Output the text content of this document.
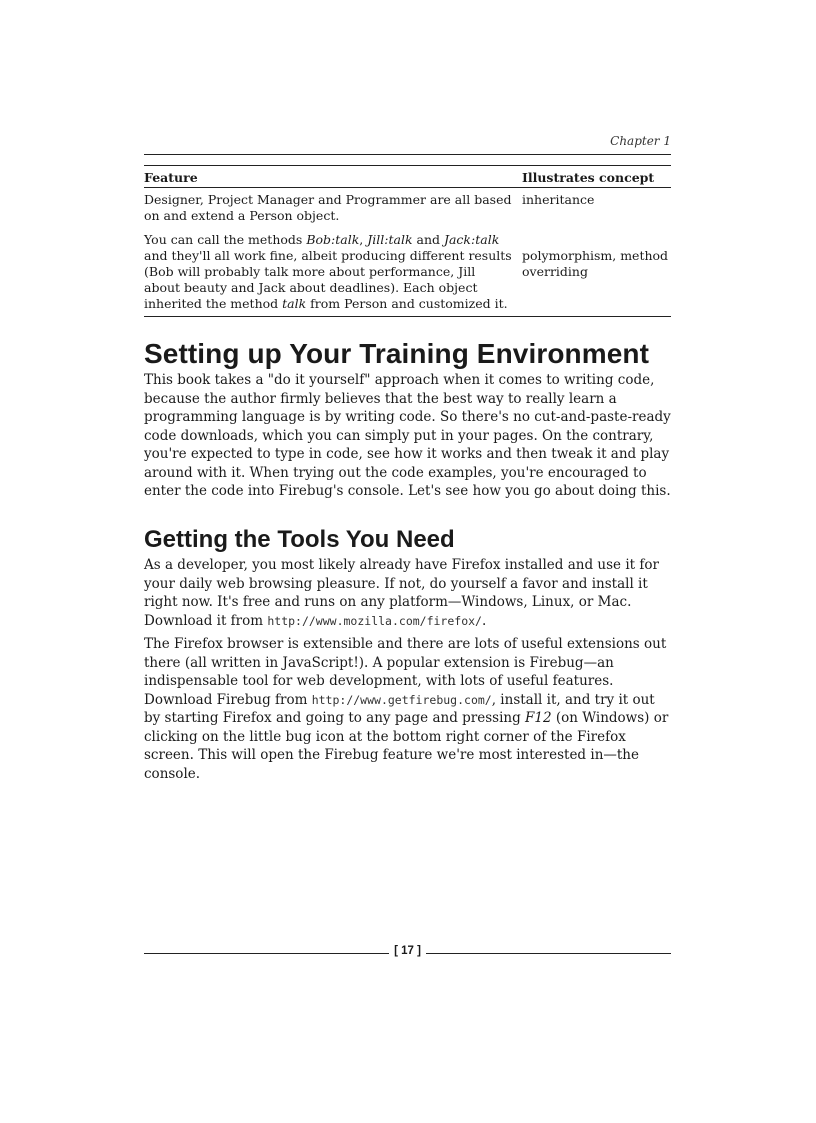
Chapter 1
Feature	Illustrates concept
Designer, Project Manager and Programmer are all based on and extend a Person object.	inheritance
You can call the methods Bob:talk, Jill:talk and Jack:talk and they'll all work fine, albeit producing different results (Bob will probably talk more about performance, Jill about beauty and Jack about deadlines). Each object inherited the method talk from Person and customized it.	polymorphism, method overriding
Setting up Your Training Environment

This book takes a "do it yourself" approach when it comes to writing code, because the author firmly believes that the best way to really learn a programming language is by writing code. So there's no cut-and-paste-ready code downloads, which you can simply put in your pages. On the contrary, you're expected to type in code, see how it works and then tweak it and play around with it. When trying out the code examples, you're encouraged to enter the code into Firebug's console. Let's see how you go about doing this.

Getting the Tools You Need

As a developer, you most likely already have Firefox installed and use it for your daily web browsing pleasure. If not, do yourself a favor and install it right now. It's free and runs on any platform—Windows, Linux, or Mac. Download it from http://www.mozilla.com/firefox/.

The Firefox browser is extensible and there are lots of useful extensions out there (all written in JavaScript!). A popular extension is Firebug—an indispensable tool for web development, with lots of useful features. Download Firebug from http://www.getfirebug.com/, install it, and try it out by starting Firefox and going to any page and pressing F12 (on Windows) or clicking on the little bug icon at the bottom right corner of the Firefox screen. This will open the Firebug feature we're most interested in—the console.

[ 17 ]
